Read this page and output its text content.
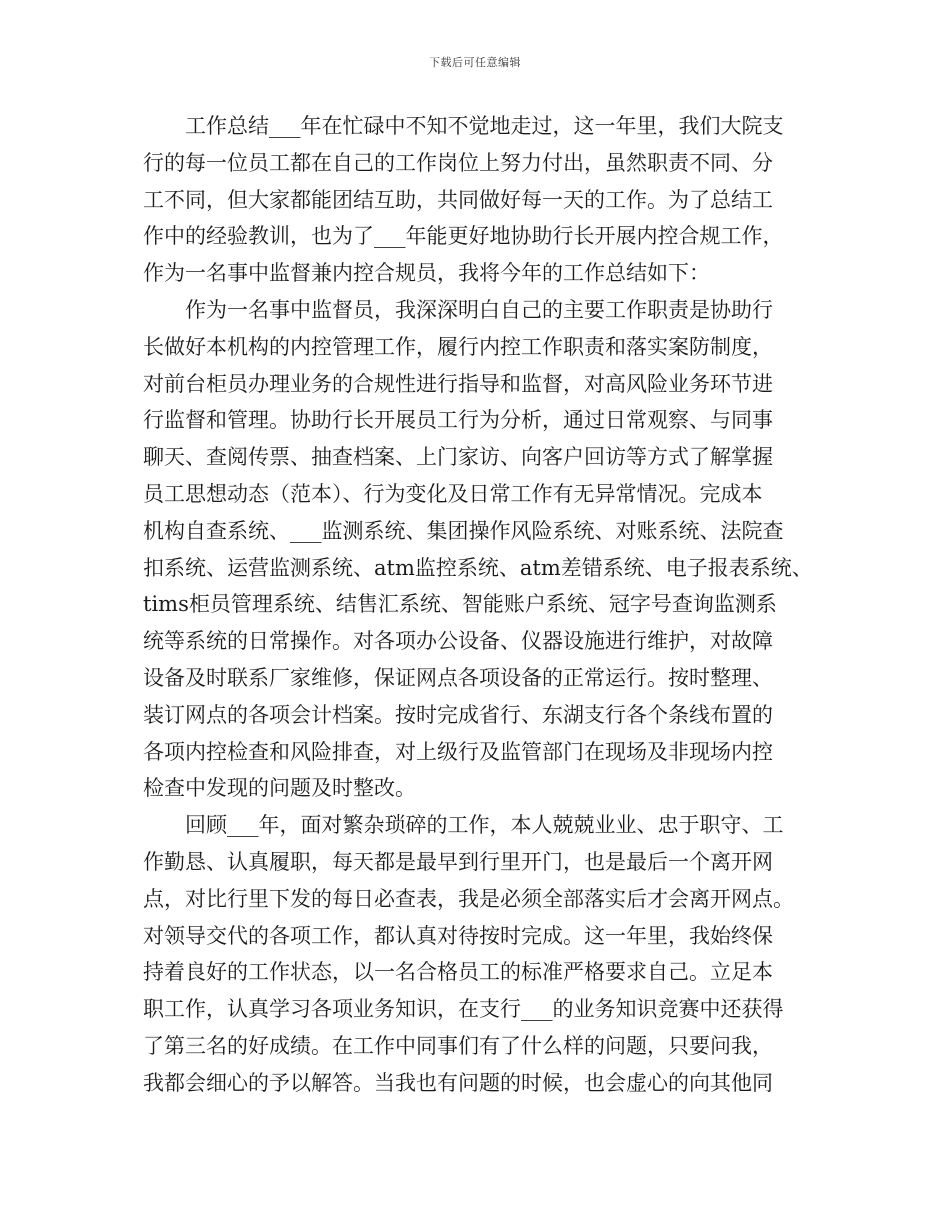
下载后可任意编辑
工作总结___年在忙碌中不知不觉地走过，这一年里，我们大院支
行的每一位员工都在自己的工作岗位上努力付出，虽然职责不同、分
工不同，但大家都能团结互助，共同做好每一天的工作。为了总结工
作中的经验教训，也为了___年能更好地协助行长开展内控合规工作，
作为一名事中监督兼内控合规员，我将今年的工作总结如下：
作为一名事中监督员，我深深明白自己的主要工作职责是协助行
长做好本机构的内控管理工作，履行内控工作职责和落实案防制度，
对前台柜员办理业务的合规性进行指导和监督，对高风险业务环节进
行监督和管理。协助行长开展员工行为分析，通过日常观察、与同事
聊天、查阅传票、抽查档案、上门家访、向客户回访等方式了解掌握
员工思想动态（范本）、行为变化及日常工作有无异常情况。完成本
机构自查系统、___监测系统、集团操作风险系统、对账系统、法院查
扣系统、运营监测系统、atm监控系统、atm差错系统、电子报表系统、
tims柜员管理系统、结售汇系统、智能账户系统、冠字号查询监测系
统等系统的日常操作。对各项办公设备、仪器设施进行维护，对故障
设备及时联系厂家维修，保证网点各项设备的正常运行。按时整理、
装订网点的各项会计档案。按时完成省行、东湖支行各个条线布置的
各项内控检查和风险排查，对上级行及监管部门在现场及非现场内控
检查中发现的问题及时整改。
回顾___年，面对繁杂琐碎的工作，本人兢兢业业、忠于职守、工
作勤恳、认真履职，每天都是最早到行里开门，也是最后一个离开网
点，对比行里下发的每日必查表，我是必须全部落实后才会离开网点。
对领导交代的各项工作，都认真对待按时完成。这一年里，我始终保
持着良好的工作状态，以一名合格员工的标准严格要求自己。立足本
职工作，认真学习各项业务知识，在支行___的业务知识竞赛中还获得
了第三名的好成绩。在工作中同事们有了什么样的问题，只要问我，
我都会细心的予以解答。当我也有问题的时候，也会虚心的向其他同
